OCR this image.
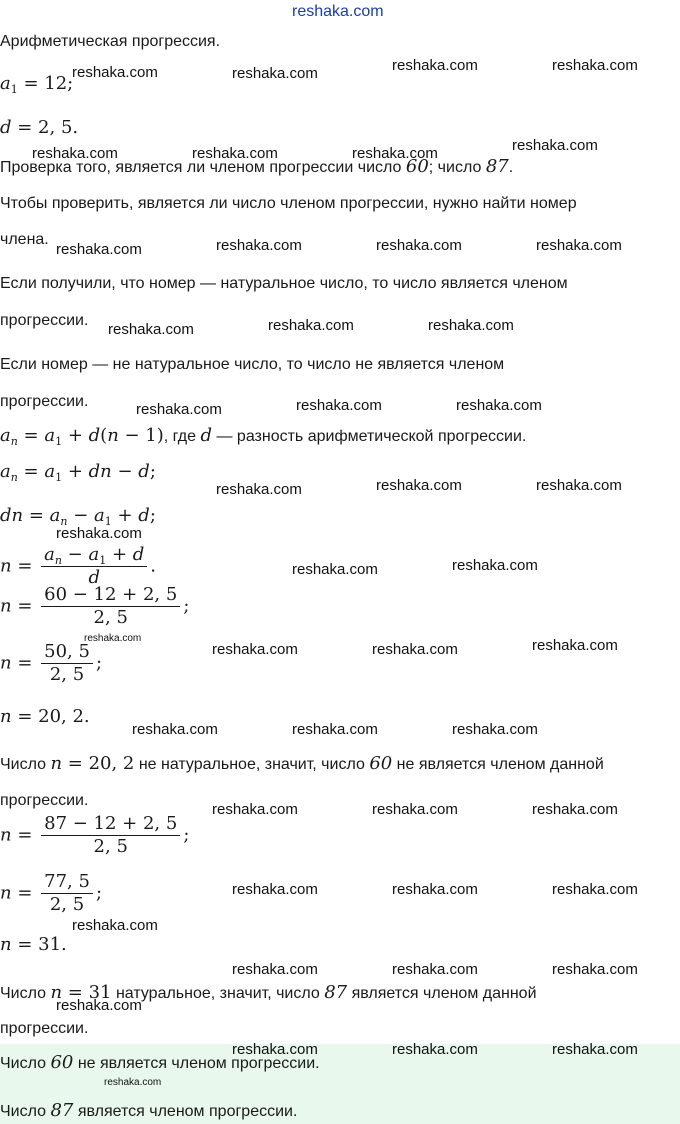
reshaka.com
Арифметическая прогрессия.
$a_1 = 12$;
d = 2, 5.
Проверка того, является ли членом прогрессии число 60; число 87.
Чтобы проверить, является ли число членом прогрессии, нужно найти номер
члена.
Если получили, что номер — натуральное число, то число является членом
прогрессии.
Если номер — не натуральное число, то число не является членом
прогрессии.
$a_n = a_1 + d(n - 1)$, где d — разность арифметической прогрессии.
$a_n = a_1$ + dn − d;
dn = $a_n - a_1 + d$;
$n = \frac{a_n - a_1 + d}{d}$ .
$n = \frac{60 - 12 + 2, 5}{2, 5}$ ;
$n = \frac{50, 5}{2, 5}$ ;
n = 20, 2.
Число n = 20, 2 не натуральное, значит, число 60 не является членом данной
прогрессии.
$n = \frac{87 - 12 + 2, 5}{2, 5}$ ;
$n = \frac{77, 5}{2, 5}$ ;
n = 31.
Число n = 31 натуральное, значит, число 87 является членом данной
прогрессии.
Число 60 не является членом прогрессии.
Число 87 является членом прогрессии.
reshaka.com	reshaka.com	reshaka.com	reshaka.com
reshaka.com	reshaka.com	reshaka.com	reshaka.com
reshaka.com	reshaka.com	reshaka.com	reshaka.com
reshaka.com	reshaka.com	reshaka.com
reshaka.com	reshaka.com	reshaka.com
reshaka.com	reshaka.com	reshaka.com
reshaka.com
reshaka.com	reshaka.com
reshaka.com
reshaka.com	reshaka.com	reshaka.com
reshaka.com	reshaka.com	reshaka.com
reshaka.com	reshaka.com	reshaka.com
reshaka.com	reshaka.com	reshaka.com
reshaka.com
reshaka.com	reshaka.com	reshaka.com
reshaka.com
reshaka.com	reshaka.com	reshaka.com
reshaka.com
